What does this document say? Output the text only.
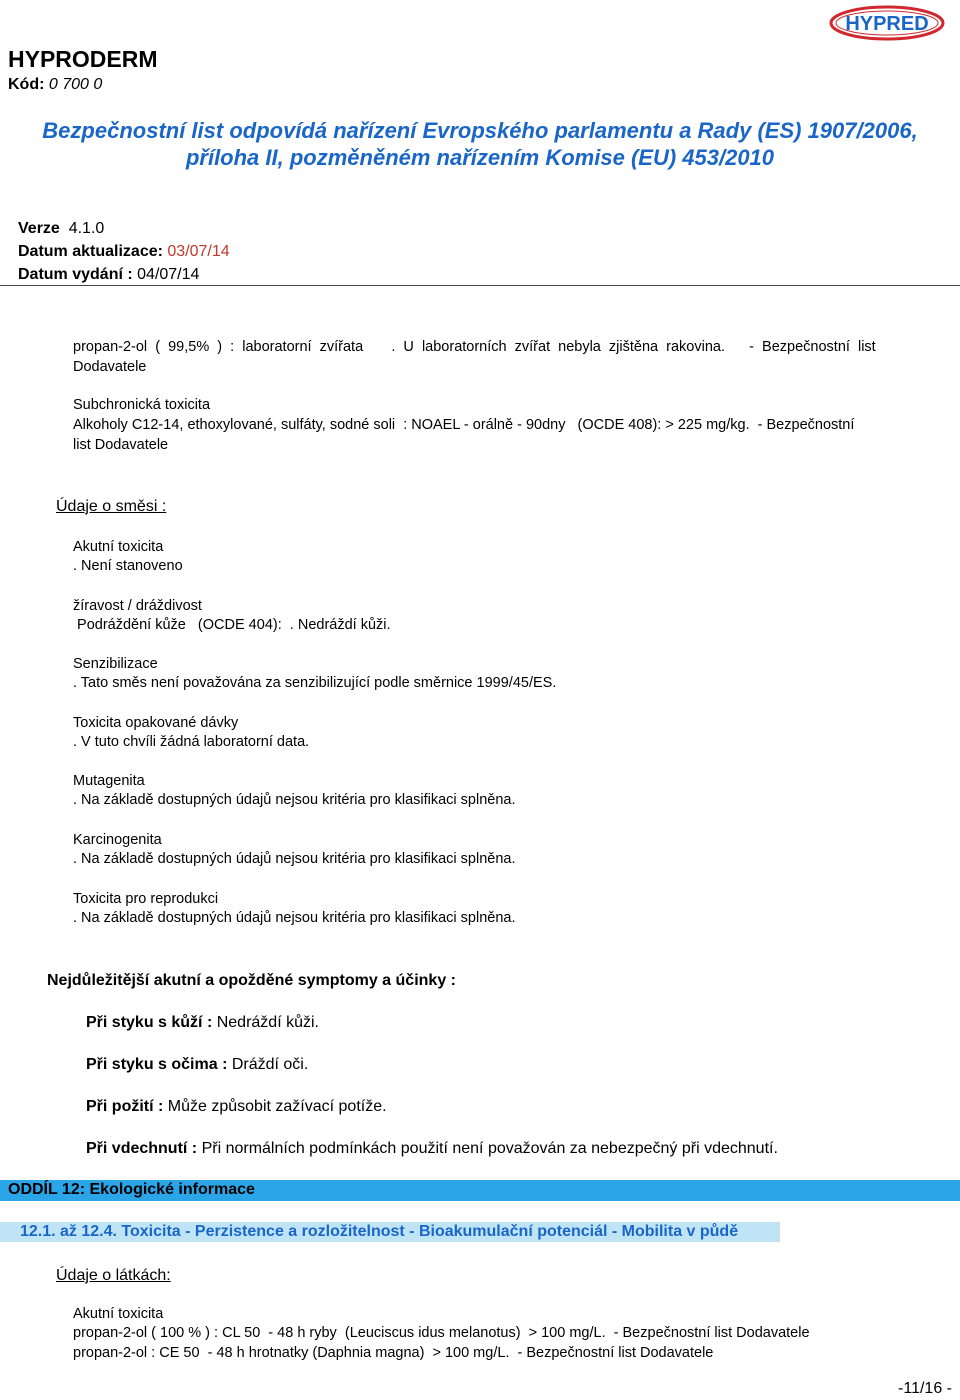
HYPRODERM
Kód: 0 700 0
HYPRED
Bezpečnostní list odpovídá nařízení Evropského parlamentu a Rady (ES) 1907/2006,
příloha II, pozměněném nařízením Komise (EU) 453/2010
Verze 4.1.0
Datum aktualizace: 03/07/14
Datum vydání : 04/07/14
propan-2-ol  (  99,5%  )  :  laboratorní  zvířata       .  U  laboratorních  zvířat  nebyla  zjištěna  rakovina.      -  Bezpečnostní  list
Dodavatele
Subchronická toxicita
Alkoholy C12-14, ethoxylované, sulfáty, sodné soli  : NOAEL - orálně - 90dny   (OCDE 408): > 225 mg/kg.  - Bezpečnostní
list Dodavatele
Údaje o směsi :
Akutní toxicita
. Není stanoveno
žíravost / dráždivost
Podráždění kůže   (OCDE 404):  . Nedráždí kůži.
Senzibilizace
. Tato směs není považována za senzibilizující podle směrnice 1999/45/ES.
Toxicita opakované dávky
. V tuto chvíli žádná laboratorní data.
Mutagenita
. Na základě dostupných údajů nejsou kritéria pro klasifikaci splněna.
Karcinogenita
. Na základě dostupných údajů nejsou kritéria pro klasifikaci splněna.
Toxicita pro reprodukci
. Na základě dostupných údajů nejsou kritéria pro klasifikaci splněna.
Nejdůležitější akutní a opožděné symptomy a účinky :
Při styku s kůží : Nedráždí kůži.
Při styku s očima : Dráždí oči.
Při požití : Může způsobit zažívací potíže.
Při vdechnutí : Při normálních podmínkách použití není považován za nebezpečný při vdechnutí.
ODDÍL 12: Ekologické informace
12.1. až 12.4. Toxicita - Perzistence a rozložitelnost - Bioakumulační potenciál - Mobilita v půdě
Údaje o látkách:
Akutní toxicita
propan-2-ol ( 100 % ) : CL 50  - 48 h ryby  (Leuciscus idus melanotus)  > 100 mg/L.  - Bezpečnostní list Dodavatele
propan-2-ol : CE 50  - 48 h hrotnatky (Daphnia magna)  > 100 mg/L.  - Bezpečnostní list Dodavatele
-11/16 -
